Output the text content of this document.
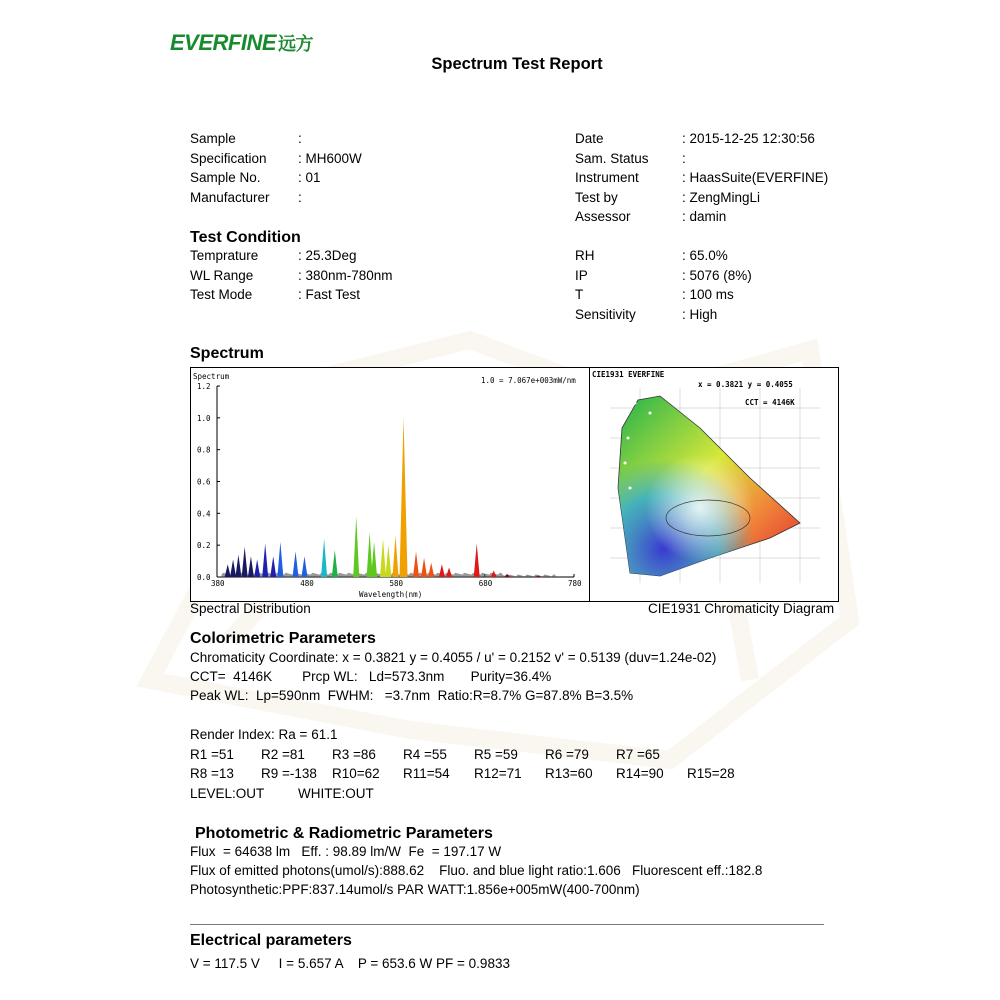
EVERFINE 远方
Spectrum Test Report
Sample	:
Specification : MH600W
Sample No.	: 01
Manufacturer :
Date	: 2015-12-25 12:30:56
Sam. Status :
Instrument	: HaasSuite(EVERFINE)
Test by	: ZengMingLi
Assessor	: damin
Test Condition
Temprature	: 25.3Deg
WL Range	: 380nm-780nm
Test Mode	: Fast Test
RH	: 65.0%
IP	: 5076 (8%)
T	: 100 ms
Sensitivity	: High
Spectrum
0.0
0.2
0.4
0.6
0.8
1.0
1.2
380	480	580	680	780
1.0 = 7.067e+003mW/nm
Spectrum
Wavelength(nm)
CIE1931 EVERFINE
x = 0.3821 y = 0.4055
CCT = 4146K
Spectral Distribution	CIE1931 Chromaticity Diagram
Colorimetric Parameters
Chromaticity Coordinate: x = 0.3821 y = 0.4055 / u' = 0.2152 v' = 0.5139 (duv=1.24e-02)
CCT=  4146K        Prcp WL:   Ld=573.3nm       Purity=36.4%
Peak WL:  Lp=590nm  FWHM:   =3.7nm  Ratio:R=8.7% G=87.8% B=3.5%
Render Index: Ra = 61.1
R1 =51 R2 =81 R3 =86 R4 =55 R5 =59 R6 =79 R7 =65
R8 =13 R9 =-138 R10=62 R11=54 R12=71 R13=60 R14=90 R15=28
LEVEL:OUT WHITE:OUT
Photometric & Radiometric Parameters
Flux  = 64638 lm   Eff. : 98.89 lm/W  Fe  = 197.17 W
Flux of emitted photons(umol/s):888.62    Fluo. and blue light ratio:1.606   Fluorescent eff.:182.8
Photosynthetic:PPF:837.14umol/s PAR WATT:1.856e+005mW(400-700nm)
Electrical parameters
V = 117.5 V     I = 5.657 A    P = 653.6 W PF = 0.9833
